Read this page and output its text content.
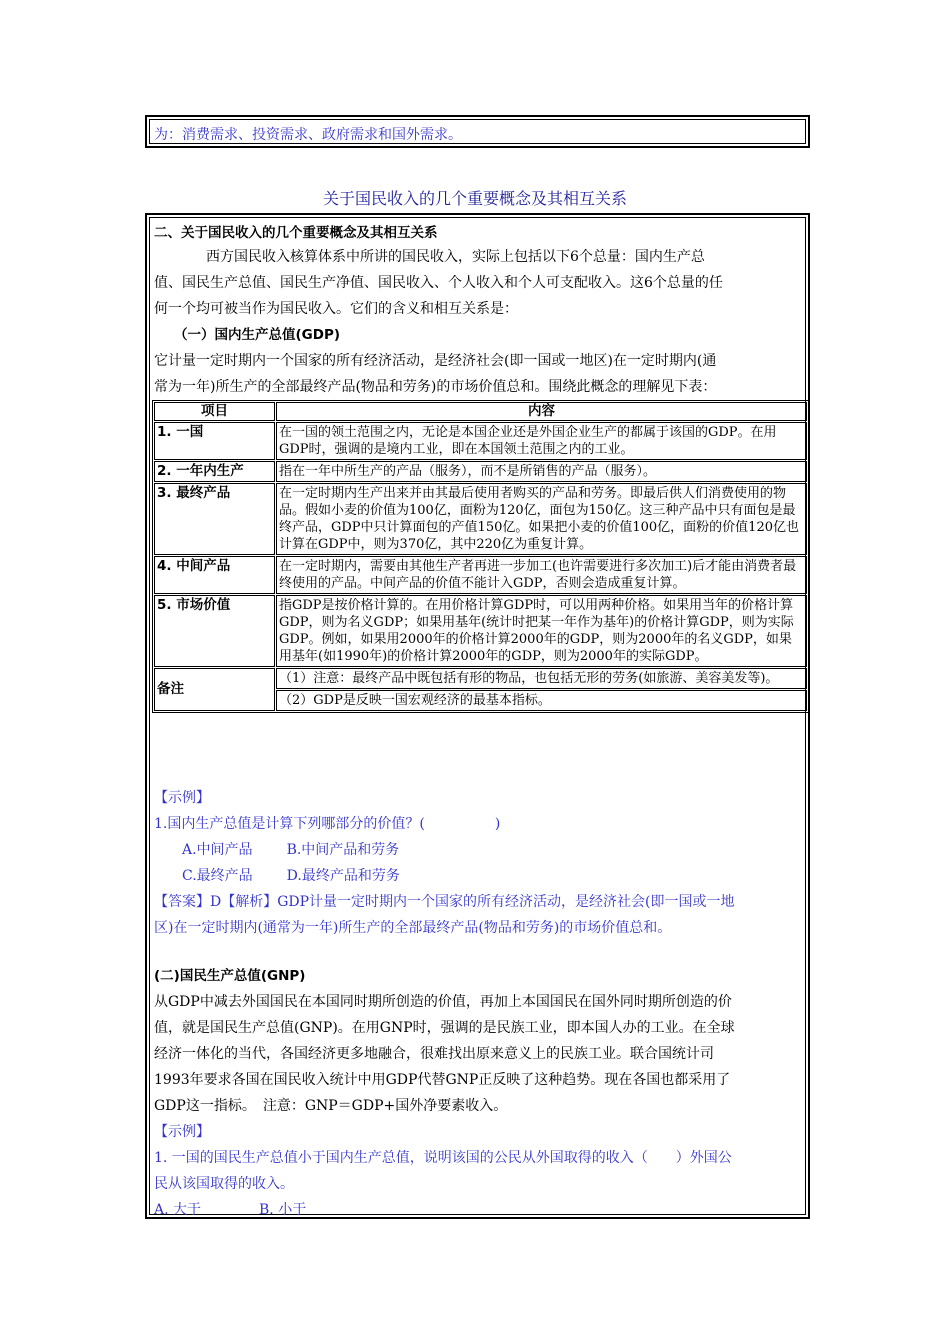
为：消费需求、投资需求、政府需求和国外需求。
关于国民收入的几个重要概念及其相互关系
二、关于国民收入的几个重要概念及其相互关系
西方国民收入核算体系中所讲的国民收入，实际上包括以下6个总量：国内生产总
值、国民生产总值、国民生产净值、国民收入、个人收入和个人可支配收入。这6个总量的任
何一个均可被当作为国民收入。它们的含义和相互关系是：
（一）国内生产总值(GDP)
它计量一定时期内一个国家的所有经济活动，是经济社会(即一国或一地区)在一定时期内(通
常为一年)所生产的全部最终产品(物品和劳务)的市场价值总和。围绕此概念的理解见下表：
项目	内容
1. 一国	在一国的领土范围之内，无论是本国企业还是外国企业生产的都属于该国的GDP。在用GDP时，强调的是境内工业，即在本国领土范围之内的工业。
2. 一年内生产	指在一年中所生产的产品（服务），而不是所销售的产品（服务）。
3. 最终产品	在一定时期内生产出来并由其最后使用者购买的产品和劳务。即最后供人们消费使用的物品。假如小麦的价值为100亿，面粉为120亿，面包为150亿。这三种产品中只有面包是最终产品，GDP中只计算面包的产值150亿。如果把小麦的价值100亿，面粉的价值120亿也计算在GDP中，则为370亿，其中220亿为重复计算。
4. 中间产品	在一定时期内，需要由其他生产者再进一步加工(也许需要进行多次加工)后才能由消费者最终使用的产品。中间产品的价值不能计入GDP，否则会造成重复计算。
5. 市场价值	指GDP是按价格计算的。在用价格计算GDP时，可以用两种价格。如果用当年的价格计算GDP，则为名义GDP；如果用基年(统计时把某一年作为基年)的价格计算GDP，则为实际GDP。例如，如果用2000年的价格计算2000年的GDP，则为2000年的名义GDP，如果用基年(如1990年)的价格计算2000年的GDP，则为2000年的实际GDP。
备注	（1）注意：最终产品中既包括有形的物品，也包括无形的劳务(如旅游、美容美发等)。
	（2）GDP是反映一国宏观经济的最基本指标。
【示例】
1.国内生产总值是计算下列哪部分的价值？(　　　　　)
A.中间产品 B.中间产品和劳务
C.最终产品 D.最终产品和劳务
【答案】D【解析】GDP计量一定时期内一个国家的所有经济活动，是经济社会(即一国或一地
区)在一定时期内(通常为一年)所生产的全部最终产品(物品和劳务)的市场价值总和。
(二)国民生产总值(GNP)
从GDP中减去外国国民在本国同时期所创造的价值，再加上本国国民在国外同时期所创造的价
值，就是国民生产总值(GNP)。在用GNP时，强调的是民族工业，即本国人办的工业。在全球
经济一体化的当代，各国经济更多地融合，很难找出原来意义上的民族工业。联合国统计司
1993年要求各国在国民收入统计中用GDP代替GNP正反映了这种趋势。现在各国也都采用了
GDP这一指标。　注意：GNP＝GDP+国外净要素收入。
【示例】
1. 一国的国民生产总值小于国内生产总值，说明该国的公民从外国取得的收入（　　）外国公
民从该国取得的收入。
A. 大于	B. 小于
